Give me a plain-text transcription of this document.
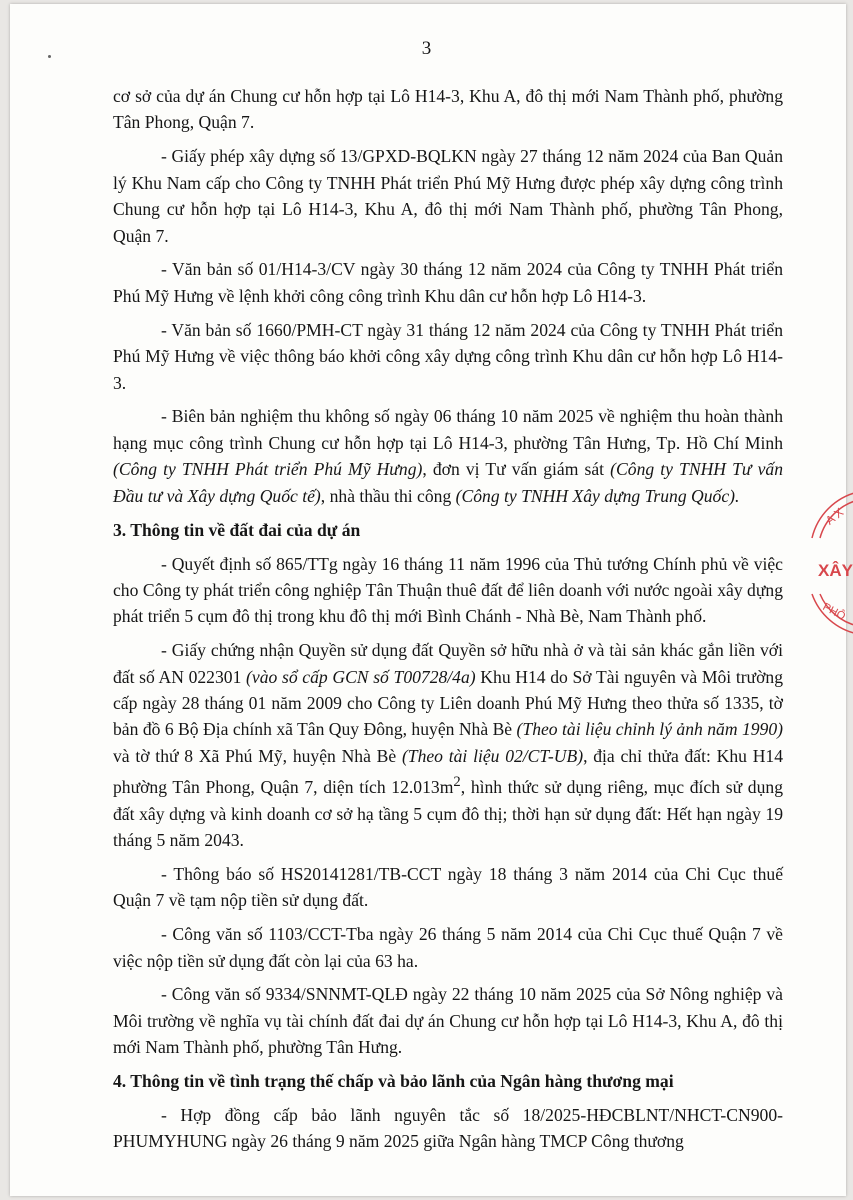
3

cơ sở của dự án Chung cư hỗn hợp tại Lô H14-3, Khu A, đô thị mới Nam Thành phố, phường Tân Phong, Quận 7.

- Giấy phép xây dựng số 13/GPXD-BQLKN ngày 27 tháng 12 năm 2024 của Ban Quản lý Khu Nam cấp cho Công ty TNHH Phát triển Phú Mỹ Hưng được phép xây dựng công trình Chung cư hỗn hợp tại Lô H14-3, Khu A, đô thị mới Nam Thành phố, phường Tân Phong, Quận 7.

- Văn bản số 01/H14-3/CV ngày 30 tháng 12 năm 2024 của Công ty TNHH Phát triển Phú Mỹ Hưng về lệnh khởi công công trình Khu dân cư hỗn hợp Lô H14-3.

- Văn bản số 1660/PMH-CT ngày 31 tháng 12 năm 2024 của Công ty TNHH Phát triển Phú Mỹ Hưng về việc thông báo khởi công xây dựng công trình Khu dân cư hỗn hợp Lô H14-3.

- Biên bản nghiệm thu không số ngày 06 tháng 10 năm 2025 về nghiệm thu hoàn thành hạng mục công trình Chung cư hỗn hợp tại Lô H14-3, phường Tân Hưng, Tp. Hồ Chí Minh (Công ty TNHH Phát triển Phú Mỹ Hưng), đơn vị Tư vấn giám sát (Công ty TNHH Tư vấn Đầu tư và Xây dựng Quốc tế), nhà thầu thi công (Công ty TNHH Xây dựng Trung Quốc).

3. Thông tin về đất đai của dự án

- Quyết định số 865/TTg ngày 16 tháng 11 năm 1996 của Thủ tướng Chính phủ về việc cho Công ty phát triển công nghiệp Tân Thuận thuê đất để liên doanh với nước ngoài xây dựng phát triển 5 cụm đô thị trong khu đô thị mới Bình Chánh - Nhà Bè, Nam Thành phố.

- Giấy chứng nhận Quyền sử dụng đất Quyền sở hữu nhà ở và tài sản khác gắn liền với đất số AN 022301 (vào sổ cấp GCN số T00728/4a) Khu H14 do Sở Tài nguyên và Môi trường cấp ngày 28 tháng 01 năm 2009 cho Công ty Liên doanh Phú Mỹ Hưng theo thửa số 1335, tờ bản đồ 6 Bộ Địa chính xã Tân Quy Đông, huyện Nhà Bè (Theo tài liệu chỉnh lý ảnh năm 1990) và tờ thứ 8 Xã Phú Mỹ, huyện Nhà Bè (Theo tài liệu 02/CT-UB), địa chỉ thửa đất: Khu H14 phường Tân Phong, Quận 7, diện tích $12.013m^2$, hình thức sử dụng riêng, mục đích sử dụng đất xây dựng và kinh doanh cơ sở hạ tầng 5 cụm đô thị; thời hạn sử dụng đất: Hết hạn ngày 19 tháng 5 năm 2043.

- Thông báo số HS20141281/TB-CCT ngày 18 tháng 3 năm 2014 của Chi Cục thuế Quận 7 về tạm nộp tiền sử dụng đất.

- Công văn số 1103/CCT-Tba ngày 26 tháng 5 năm 2014 của Chi Cục thuế Quận 7 về việc nộp tiền sử dụng đất còn lại của 63 ha.

- Công văn số 9334/SNNMT-QLĐ ngày 22 tháng 10 năm 2025 của Sở Nông nghiệp và Môi trường về nghĩa vụ tài chính đất đai dự án Chung cư hỗn hợp tại Lô H14-3, Khu A, đô thị mới Nam Thành phố, phường Tân Hưng.

4. Thông tin về tình trạng thế chấp và bảo lãnh của Ngân hàng thương mại

- Hợp đồng cấp bảo lãnh nguyên tắc số 18/2025-HĐCBLNT/NHCT-CN900-PHUMYHUNG ngày 26 tháng 9 năm 2025 giữa Ngân hàng TMCP Công thương

A X
XÂY
PHÔ
